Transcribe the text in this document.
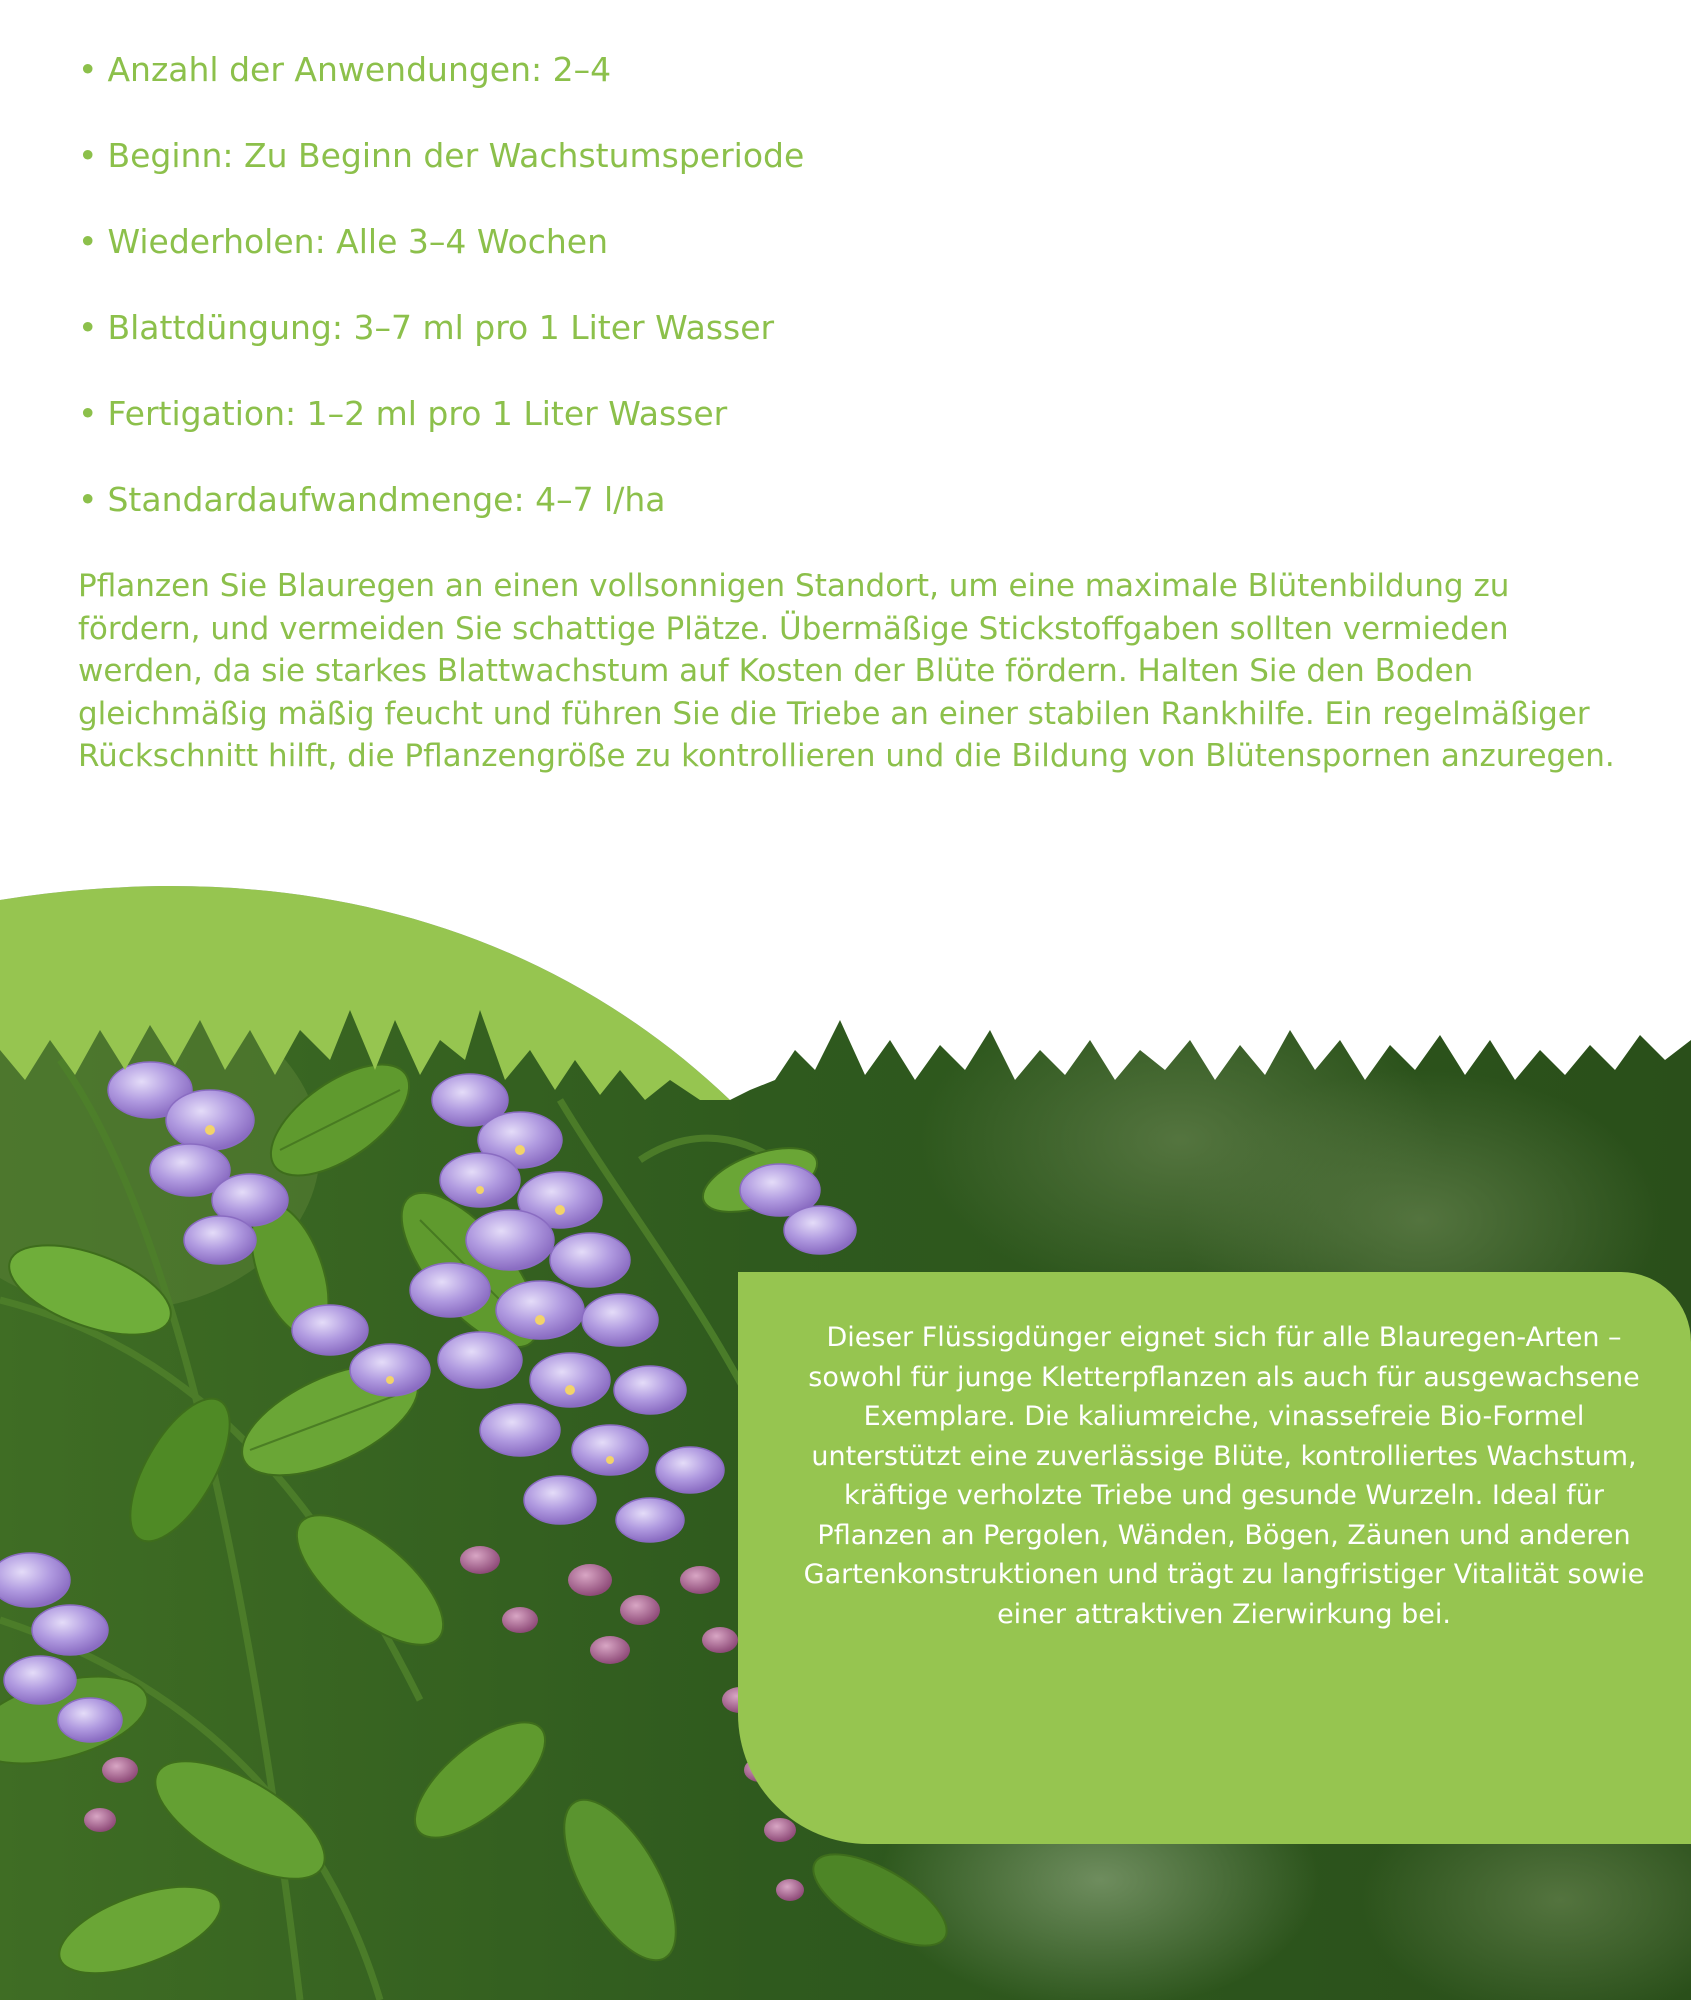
• Anzahl der Anwendungen: 2–4
• Beginn: Zu Beginn der Wachstumsperiode
• Wiederholen: Alle 3–4 Wochen
• Blattdüngung: 3–7 ml pro 1 Liter Wasser
• Fertigation: 1–2 ml pro 1 Liter Wasser
• Standardaufwandmenge: 4–7 l/ha

Pflanzen Sie Blauregen an einen vollsonnigen Standort, um eine maximale Blütenbildung zu fördern, und vermeiden Sie schattige Plätze. Übermäßige Stickstoffgaben sollten vermieden werden, da sie starkes Blattwachstum auf Kosten der Blüte fördern. Halten Sie den Boden gleichmäßig mäßig feucht und führen Sie die Triebe an einer stabilen Rankhilfe. Ein regelmäßiger Rückschnitt hilft, die Pflanzengröße zu kontrollieren und die Bildung von Blütenspornen anzuregen.

Dieser Flüssigdünger eignet sich für alle Blauregen-Arten – sowohl für junge Kletterpflanzen als auch für ausgewachsene Exemplare. Die kaliumreiche, vinassefreie Bio-Formel unterstützt eine zuverlässige Blüte, kontrolliertes Wachstum, kräftige verholzte Triebe und gesunde Wurzeln. Ideal für Pflanzen an Pergolen, Wänden, Bögen, Zäunen und anderen Gartenkonstruktionen und trägt zu langfristiger Vitalität sowie einer attraktiven Zierwirkung bei.
